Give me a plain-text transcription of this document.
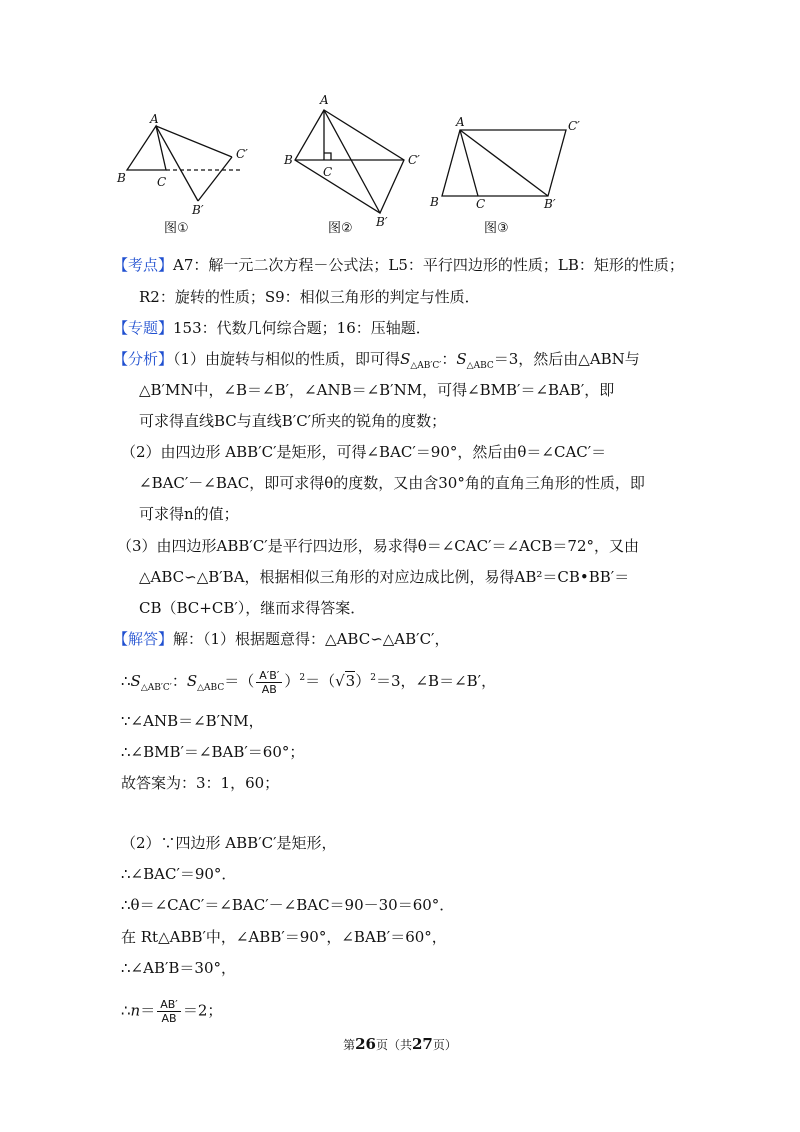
A
B	C
C′
B′
图①
A
B
C
C′
B′
图②
A
B	C
C′
B′
图③
【考点】A7：解一元二次方程－公式法；L5：平行四边形的性质；LB：矩形的性质；
R2：旋转的性质；S9：相似三角形的判定与性质．
【专题】153：代数几何综合题；16：压轴题．
【分析】（1）由旋转与相似的性质，即可得$S_{\triangle AB'C'}$：$S_{\triangle ABC}=3$，然后由△ABN与
△B′MN中，∠B＝∠B′，∠ANB＝∠B′NM，可得∠BMB′＝∠BAB′，即
可求得直线BC与直线B′C′所夹的锐角的度数；
（2）由四边形 ABB′C′是矩形，可得∠BAC′＝90°，然后由θ＝∠CAC′＝
∠BAC′－∠BAC，即可求得θ的度数，又由含30°角的直角三角形的性质，即
可求得n的值；
（3）由四边形ABB′C′是平行四边形，易求得θ＝∠CAC′＝∠ACB＝72°，又由
△ABC∽△B′BA，根据相似三角形的对应边成比例，易得AB²＝CB•BB′＝
CB（BC+CB′），继而求得答案．
【解答】解：（1）根据题意得：△ABC∽△AB′C′，
$\therefore S_{\triangle AB'C'}$：$S_{\triangle ABC}=( \frac{A'B'}{AB} )^2=(√3)^2=3$，∠B＝∠B′，
∵∠ANB＝∠B′NM，
∴∠BMB′＝∠BAB′＝60°；
故答案为：3：1，60；
（2）∵四边形 ABB′C′是矩形，
∴∠BAC′＝90°．
∴θ＝∠CAC′＝∠BAC′－∠BAC＝90－30＝60°．
在 Rt△ABB′中，∠ABB′＝90°，∠BAB′＝60°，
∴∠AB′B＝30°，
∴n＝ $\frac{AB'}{AB} =2$；
第26页（共27页）
